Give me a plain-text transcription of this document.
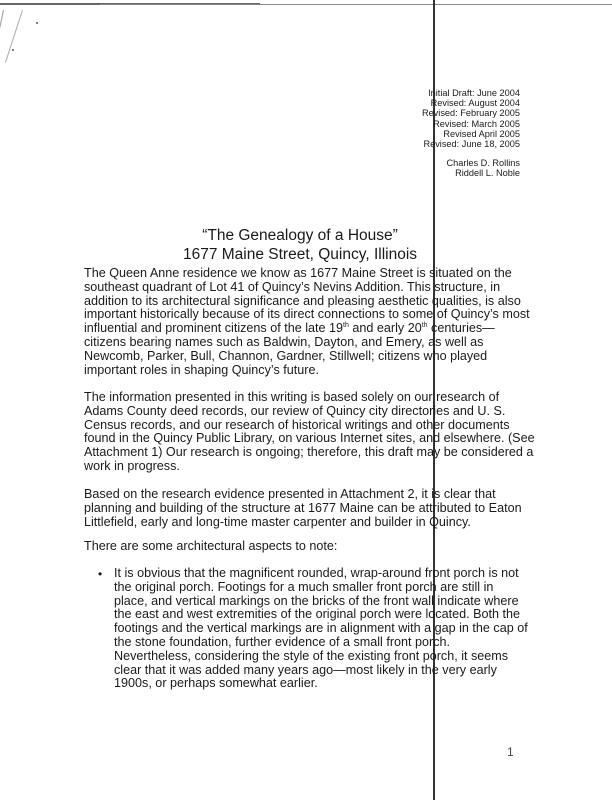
Initial Draft: June 2004
Revised: August 2004
Revised: February 2005
Revised: March 2005
Revised April 2005
Revised: June 18, 2005
Charles D. Rollins
Riddell L. Noble
“The Genealogy of a House”
1677 Maine Street, Quincy, Illinois
The Queen Anne residence we know as 1677 Maine Street is situated on the
southeast quadrant of Lot 41 of Quincy’s Nevins Addition. This structure, in
addition to its architectural significance and pleasing aesthetic qualities, is also
important historically because of its direct connections to some of Quincy’s most
influential and prominent citizens of the late 19th and early 20th centuries—
citizens bearing names such as Baldwin, Dayton, and Emery, as well as
Newcomb, Parker, Bull, Channon, Gardner, Stillwell; citizens who played
important roles in shaping Quincy’s future.
The information presented in this writing is based solely on our research of
Adams County deed records, our review of Quincy city directories and U. S.
Census records, and our research of historical writings and other documents
found in the Quincy Public Library, on various Internet sites, and elsewhere. (See
Attachment 1) Our research is ongoing; therefore, this draft may be considered a
work in progress.
Based on the research evidence presented in Attachment 2, it is clear that
planning and building of the structure at 1677 Maine can be attributed to Eaton
Littlefield, early and long-time master carpenter and builder in Quincy.
There are some architectural aspects to note:
• It is obvious that the magnificent rounded, wrap-around front porch is not
the original porch. Footings for a much smaller front porch are still in
place, and vertical markings on the bricks of the front wall indicate where
the east and west extremities of the original porch were located. Both the
footings and the vertical markings are in alignment with a gap in the cap of
the stone foundation, further evidence of a small front porch.
Nevertheless, considering the style of the existing front porch, it seems
clear that it was added many years ago—most likely in the very early
1900s, or perhaps somewhat earlier.
1
